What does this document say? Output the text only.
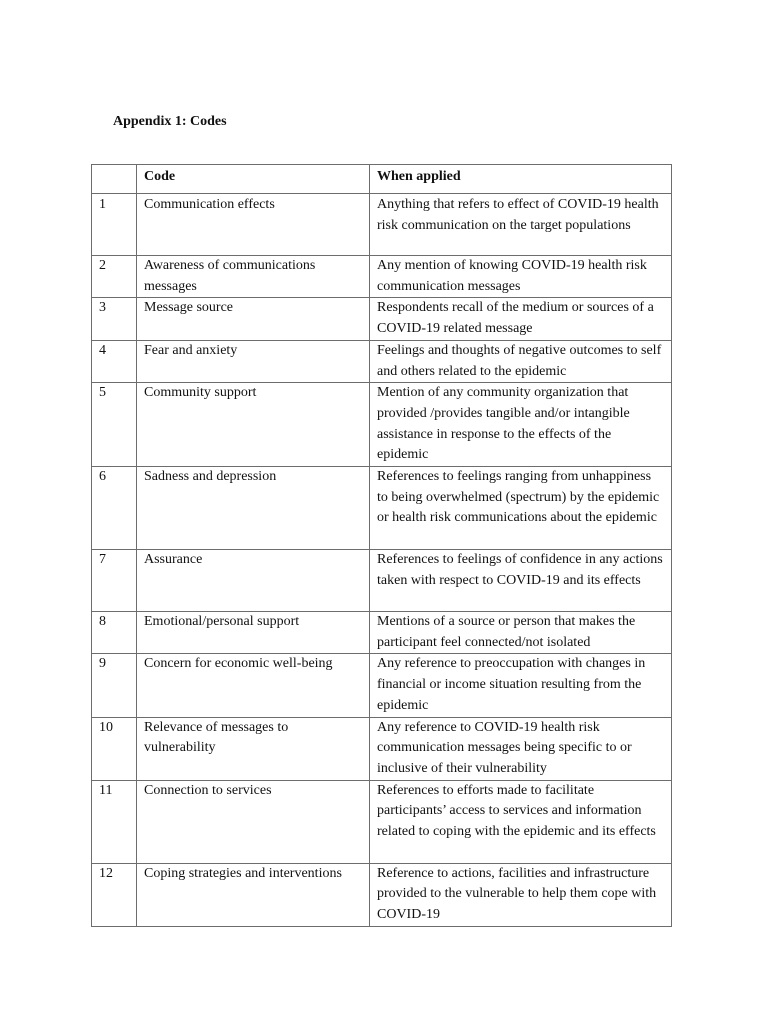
Appendix 1: Codes

	Code	When applied
1	Communication effects	Anything that refers to effect of COVID-19 health risk communication on the target populations
2	Awareness of communications messages	Any mention of knowing COVID-19 health risk communication messages
3	Message source	Respondents recall of the medium or sources of a COVID-19 related message
4	Fear and anxiety	Feelings and thoughts of negative outcomes to self and others related to the epidemic
5	Community support	Mention of any community organization that provided /provides tangible and/or intangible assistance in response to the effects of the epidemic
6	Sadness and depression	References to feelings ranging from unhappiness to being overwhelmed (spectrum) by the epidemic or health risk communications about the epidemic
7	Assurance	References to feelings of confidence in any actions taken with respect to COVID-19 and its effects
8	Emotional/personal support	Mentions of a source or person that makes the participant feel connected/not isolated
9	Concern for economic well-being	Any reference to preoccupation with changes in financial or income situation resulting from the epidemic
10	Relevance of messages to vulnerability	Any reference to COVID-19 health risk communication messages being specific to or inclusive of their vulnerability
11	Connection to services	References to efforts made to facilitate participants’ access to services and information related to coping with the epidemic and its effects
12	Coping strategies and interventions	Reference to actions, facilities and infrastructure provided to the vulnerable to help them cope with COVID-19
